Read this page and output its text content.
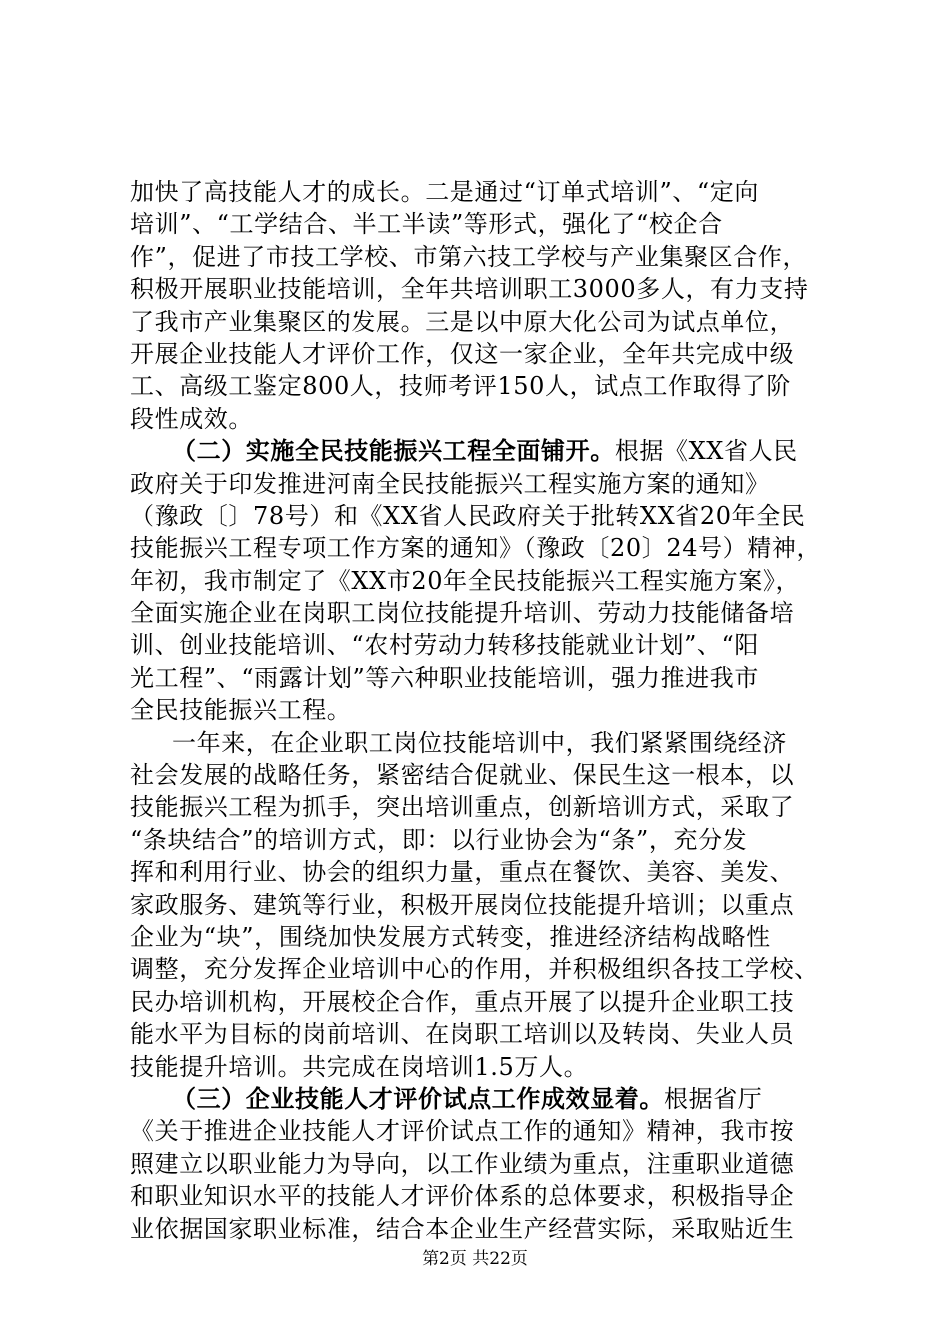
加快了高技能人才的成长。二是通过“订单式培训”、“定向
培训”、“工学结合、半工半读”等形式，强化了“校企合
作”，促进了市技工学校、市第六技工学校与产业集聚区合作，
积极开展职业技能培训，全年共培训职工3000多人，有力支持
了我市产业集聚区的发展。三是以中原大化公司为试点单位，
开展企业技能人才评价工作，仅这一家企业，全年共完成中级
工、高级工鉴定800人，技师考评150人，试点工作取得了阶
段性成效。
（二）实施全民技能振兴工程全面铺开。根据《XX省人民
政府关于印发推进河南全民技能振兴工程实施方案的通知》
（豫政〔〕78号）和《XX省人民政府关于批转XX省20年全民
技能振兴工程专项工作方案的通知》（豫政〔20〕24号）精神，
年初，我市制定了《XX市20年全民技能振兴工程实施方案》，
全面实施企业在岗职工岗位技能提升培训、劳动力技能储备培
训、创业技能培训、“农村劳动力转移技能就业计划”、“阳
光工程”、“雨露计划”等六种职业技能培训，强力推进我市
全民技能振兴工程。
一年来，在企业职工岗位技能培训中，我们紧紧围绕经济
社会发展的战略任务，紧密结合促就业、保民生这一根本，以
技能振兴工程为抓手，突出培训重点，创新培训方式，采取了
“条块结合”的培训方式，即：以行业协会为“条”，充分发
挥和利用行业、协会的组织力量，重点在餐饮、美容、美发、
家政服务、建筑等行业，积极开展岗位技能提升培训；以重点
企业为“块”，围绕加快发展方式转变，推进经济结构战略性
调整，充分发挥企业培训中心的作用，并积极组织各技工学校、
民办培训机构，开展校企合作，重点开展了以提升企业职工技
能水平为目标的岗前培训、在岗职工培训以及转岗、失业人员
技能提升培训。共完成在岗培训1.5万人。
（三）企业技能人才评价试点工作成效显着。根据省厅
《关于推进企业技能人才评价试点工作的通知》精神，我市按
照建立以职业能力为导向，以工作业绩为重点，注重职业道德
和职业知识水平的技能人才评价体系的总体要求，积极指导企
业依据国家职业标准，结合本企业生产经营实际，采取贴近生
第2页 共22页
